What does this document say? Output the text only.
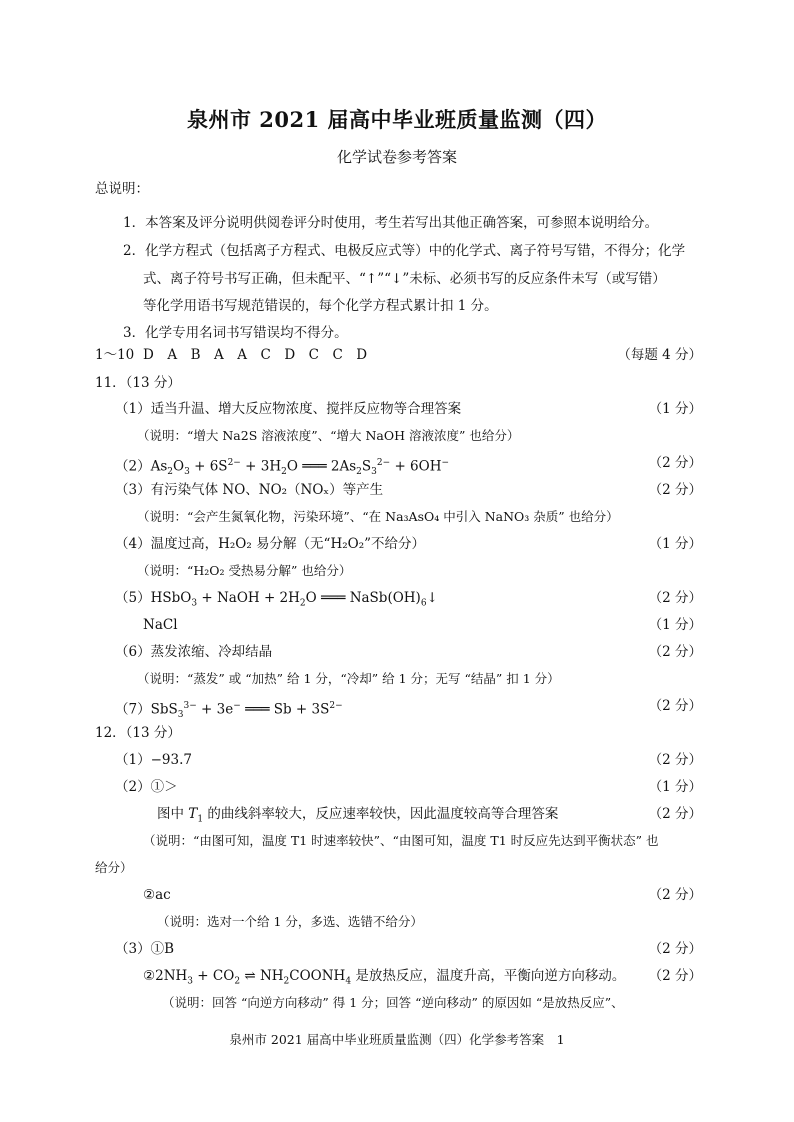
泉州市 2021 届高中毕业班质量监测（四）
化学试卷参考答案
总说明：
1．本答案及评分说明供阅卷评分时使用，考生若写出其他正确答案，可参照本说明给分。
2．化学方程式（包括离子方程式、电极反应式等）中的化学式、离子符号写错，不得分；化学
式、离子符号书写正确，但未配平、“↑”“↓”未标、必须书写的反应条件未写（或写错）
等化学用语书写规范错误的，每个化学方程式累计扣 1 分。
3．化学专用名词书写错误均不得分。
1～10 D　A　B　A　A　C　D　C　C　D	（每题 4 分）
11．（13 分）
（1）适当升温、增大反应物浓度、搅拌反应物等合理答案	（1 分）
（说明：“增大 Na2S 溶液浓度”、“增大 NaOH 溶液浓度” 也给分）
$(2)As_2O_3 + 6S^{2-} + 3H_2O$ ═══ $2As_2S_3^{2-} + 6OH^-$	（2 分）
（3）有污染气体 NO、NO₂（NOₓ）等产生	（2 分）
（说明：“会产生氮氧化物，污染环境”、“在 Na₃AsO₄ 中引入 NaNO₃ 杂质” 也给分）
（4）温度过高，H₂O₂ 易分解（无“H₂O₂”不给分）	（1 分）
（说明：“H₂O₂ 受热易分解” 也给分）
（5）HSbO$_3$ + NaOH + $2H_2O$ ═══ $NaSb(OH)_6↓$	（2 分）
NaCl	（1 分）
（6）蒸发浓缩、冷却结晶	（2 分）
（说明：“蒸发” 或 “加热” 给 1 分，“冷却” 给 1 分；无写 “结晶” 扣 1 分）
（7）SbS$_3^{3-}$ + 3e− ═══ $Sb + 3S^{2-}$	（2 分）
12．（13 分）
（1）−93.7	（2 分）
（2）①＞	（1 分）
图中 $T_1$ 的曲线斜率较大，反应速率较快，因此温度较高等合理答案	（2 分）
（说明：“由图可知，温度 T1 时速率较快”、“由图可知，温度 T1 时反应先达到平衡状态” 也
给分）
②ac	（2 分）
（说明：选对一个给 1 分，多选、选错不给分）
（3）①B	（2 分）
$②2NH_3 + CO_2$ ⇌ $NH_2COONH_4$ 是放热反应，温度升高，平衡向逆方向移动。 （2 分）
（说明：回答 “向逆方向移动” 得 1 分；回答 “逆向移动” 的原因如 “是放热反应”、
泉州市 2021 届高中毕业班质量监测（四）化学参考答案　1
